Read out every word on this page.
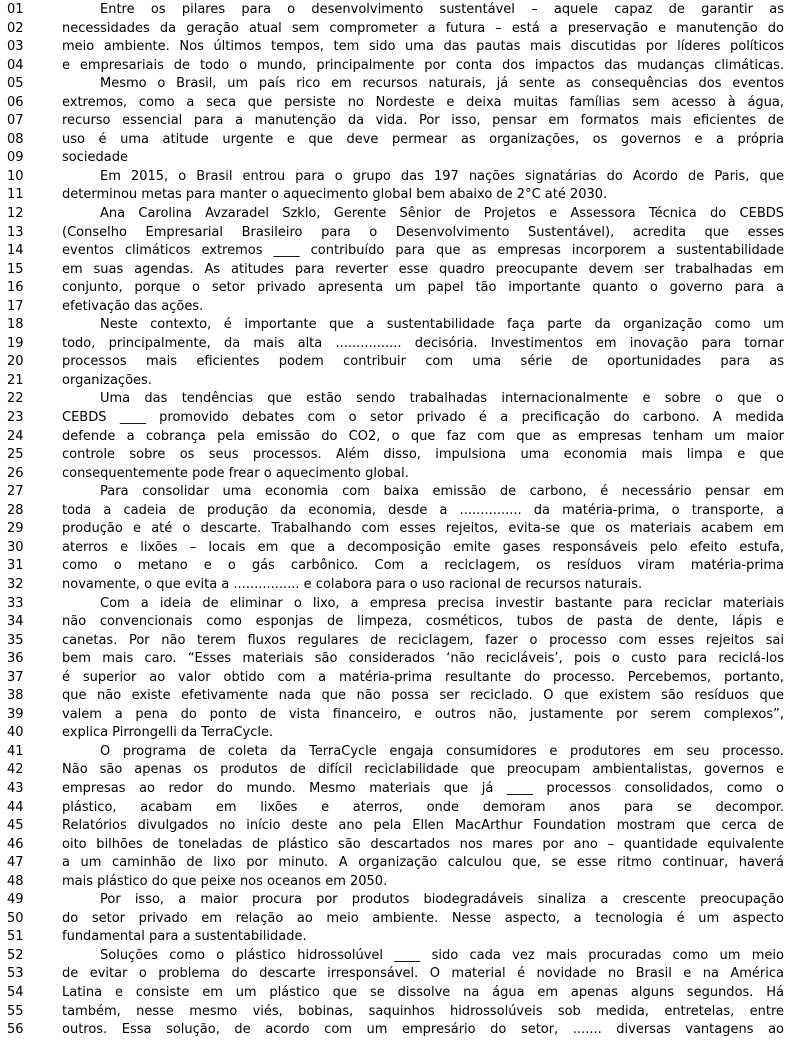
01	Entre os pilares para o desenvolvimento sustentável – aquele capaz de garantir as
02	necessidades da geração atual sem comprometer a futura – está a preservação e manutenção do
03	meio ambiente. Nos últimos tempos, tem sido uma das pautas mais discutidas por líderes políticos
04	e empresariais de todo o mundo, principalmente por conta dos impactos das mudanças climáticas.
05	Mesmo o Brasil, um país rico em recursos naturais, já sente as consequências dos eventos
06	extremos, como a seca que persiste no Nordeste e deixa muitas famílias sem acesso à água,
07	recurso essencial para a manutenção da vida. Por isso, pensar em formatos mais eficientes de
08	uso é uma atitude urgente e que deve permear as organizações, os governos e a própria
09	sociedade
10	Em 2015, o Brasil entrou para o grupo das 197 nações signatárias do Acordo de Paris, que
11	determinou metas para manter o aquecimento global bem abaixo de 2°C até 2030.
12	Ana Carolina Avzaradel Szklo, Gerente Sênior de Projetos e Assessora Técnica do CEBDS
13	(Conselho Empresarial Brasileiro para o Desenvolvimento Sustentável), acredita que esses
14	eventos climáticos extremos ____ contribuído para que as empresas incorporem a sustentabilidade
15	em suas agendas. As atitudes para reverter esse quadro preocupante devem ser trabalhadas em
16	conjunto, porque o setor privado apresenta um papel tão importante quanto o governo para a
17	efetivação das ações.
18	Neste contexto, é importante que a sustentabilidade faça parte da organização como um
19	todo, principalmente, da mais alta ................ decisória. Investimentos em inovação para tornar
20	processos mais eficientes podem contribuir com uma série de oportunidades para as
21	organizações.
22	Uma das tendências que estão sendo trabalhadas internacionalmente e sobre o que o
23	CEBDS ____ promovido debates com o setor privado é a precificação do carbono. A medida
24	defende a cobrança pela emissão do CO2, o que faz com que as empresas tenham um maior
25	controle sobre os seus processos. Além disso, impulsiona uma economia mais limpa e que
26	consequentemente pode frear o aquecimento global.
27	Para consolidar uma economia com baixa emissão de carbono, é necessário pensar em
28	toda a cadeia de produção da economia, desde a ............... da matéria-prima, o transporte, a
29	produção e até o descarte. Trabalhando com esses rejeitos, evita-se que os materiais acabem em
30	aterros e lixões – locais em que a decomposição emite gases responsáveis pelo efeito estufa,
31	como o metano e o gás carbônico. Com a reciclagem, os resíduos viram matéria-prima
32	novamente, o que evita a ................ e colabora para o uso racional de recursos naturais.
33	Com a ideia de eliminar o lixo, a empresa precisa investir bastante para reciclar materiais
34	não convencionais como esponjas de limpeza, cosméticos, tubos de pasta de dente, lápis e
35	canetas. Por não terem fluxos regulares de reciclagem, fazer o processo com esses rejeitos sai
36	bem mais caro. “Esses materiais são considerados ‘não recicláveis’, pois o custo para reciclá-los
37	é superior ao valor obtido com a matéria-prima resultante do processo. Percebemos, portanto,
38	que não existe efetivamente nada que não possa ser reciclado. O que existem são resíduos que
39	valem a pena do ponto de vista financeiro, e outros não, justamente por serem complexos”,
40	explica Pirrongelli da TerraCycle.
41	O programa de coleta da TerraCycle engaja consumidores e produtores em seu processo.
42	Não são apenas os produtos de difícil reciclabilidade que preocupam ambientalistas, governos e
43	empresas ao redor do mundo. Mesmo materiais que já ____ processos consolidados, como o
44	plástico, acabam em lixões e aterros, onde demoram anos para se decompor.
45	Relatórios divulgados no início deste ano pela Ellen MacArthur Foundation mostram que cerca de
46	oito bilhões de toneladas de plástico são descartados nos mares por ano – quantidade equivalente
47	a um caminhão de lixo por minuto. A organização calculou que, se esse ritmo continuar, haverá
48	mais plástico do que peixe nos oceanos em 2050.
49	Por isso, a maior procura por produtos biodegradáveis sinaliza a crescente preocupação
50	do setor privado em relação ao meio ambiente. Nesse aspecto, a tecnologia é um aspecto
51	fundamental para a sustentabilidade.
52	Soluções como o plástico hidrossolúvel ____ sido cada vez mais procuradas como um meio
53	de evitar o problema do descarte irresponsável. O material é novidade no Brasil e na América
54	Latina e consiste em um plástico que se dissolve na água em apenas alguns segundos. Há
55	também, nesse mesmo viés, bobinas, saquinhos hidrossolúveis sob medida, entretelas, entre
56	outros. Essa solução, de acordo com um empresário do setor, ....... diversas vantagens ao
